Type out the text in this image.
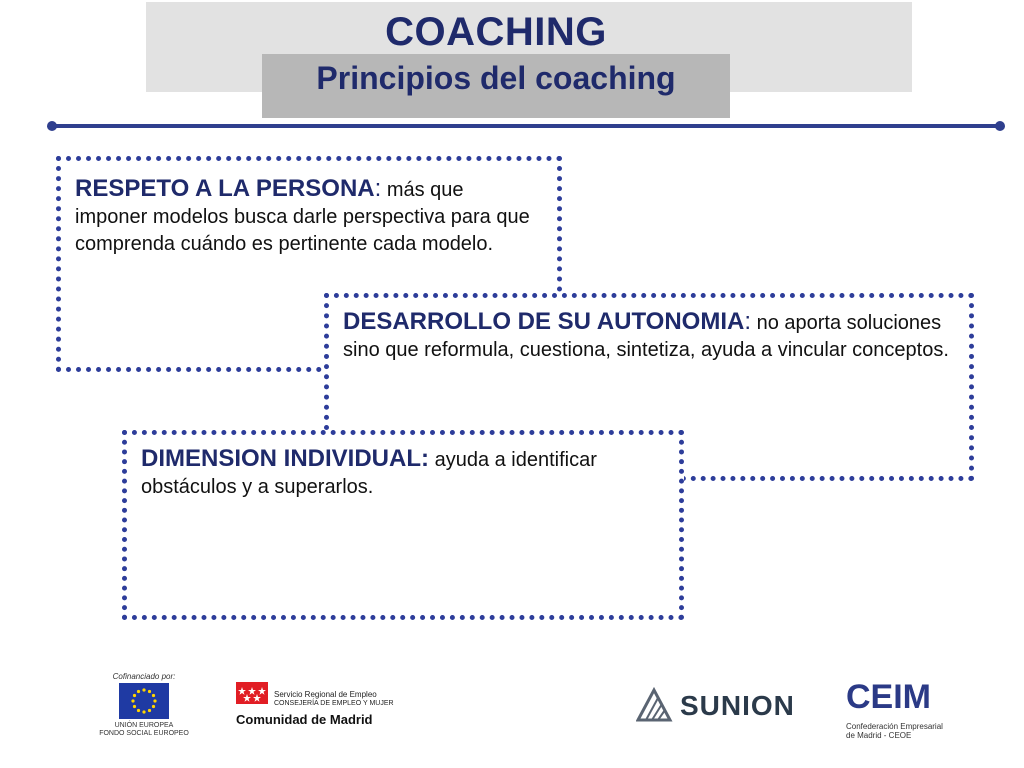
COACHING
Principios del coaching

RESPETO A LA PERSONA: más que imponer modelos busca darle perspectiva para que comprenda cuándo es pertinente cada modelo.

DESARROLLO DE SU AUTONOMIA: no aporta soluciones sino que reformula, cuestiona, sintetiza, ayuda a vincular conceptos.

DIMENSION INDIVIDUAL: ayuda a identificar obstáculos y a superarlos.

Cofinanciado por:
UNIÓN EUROPEA
FONDO SOCIAL EUROPEO
Servicio Regional de Empleo
CONSEJERÍA DE EMPLEO Y MUJER
Comunidad de Madrid	SUNION CEIM
Confederación Empresarial
de Madrid - CEOE
